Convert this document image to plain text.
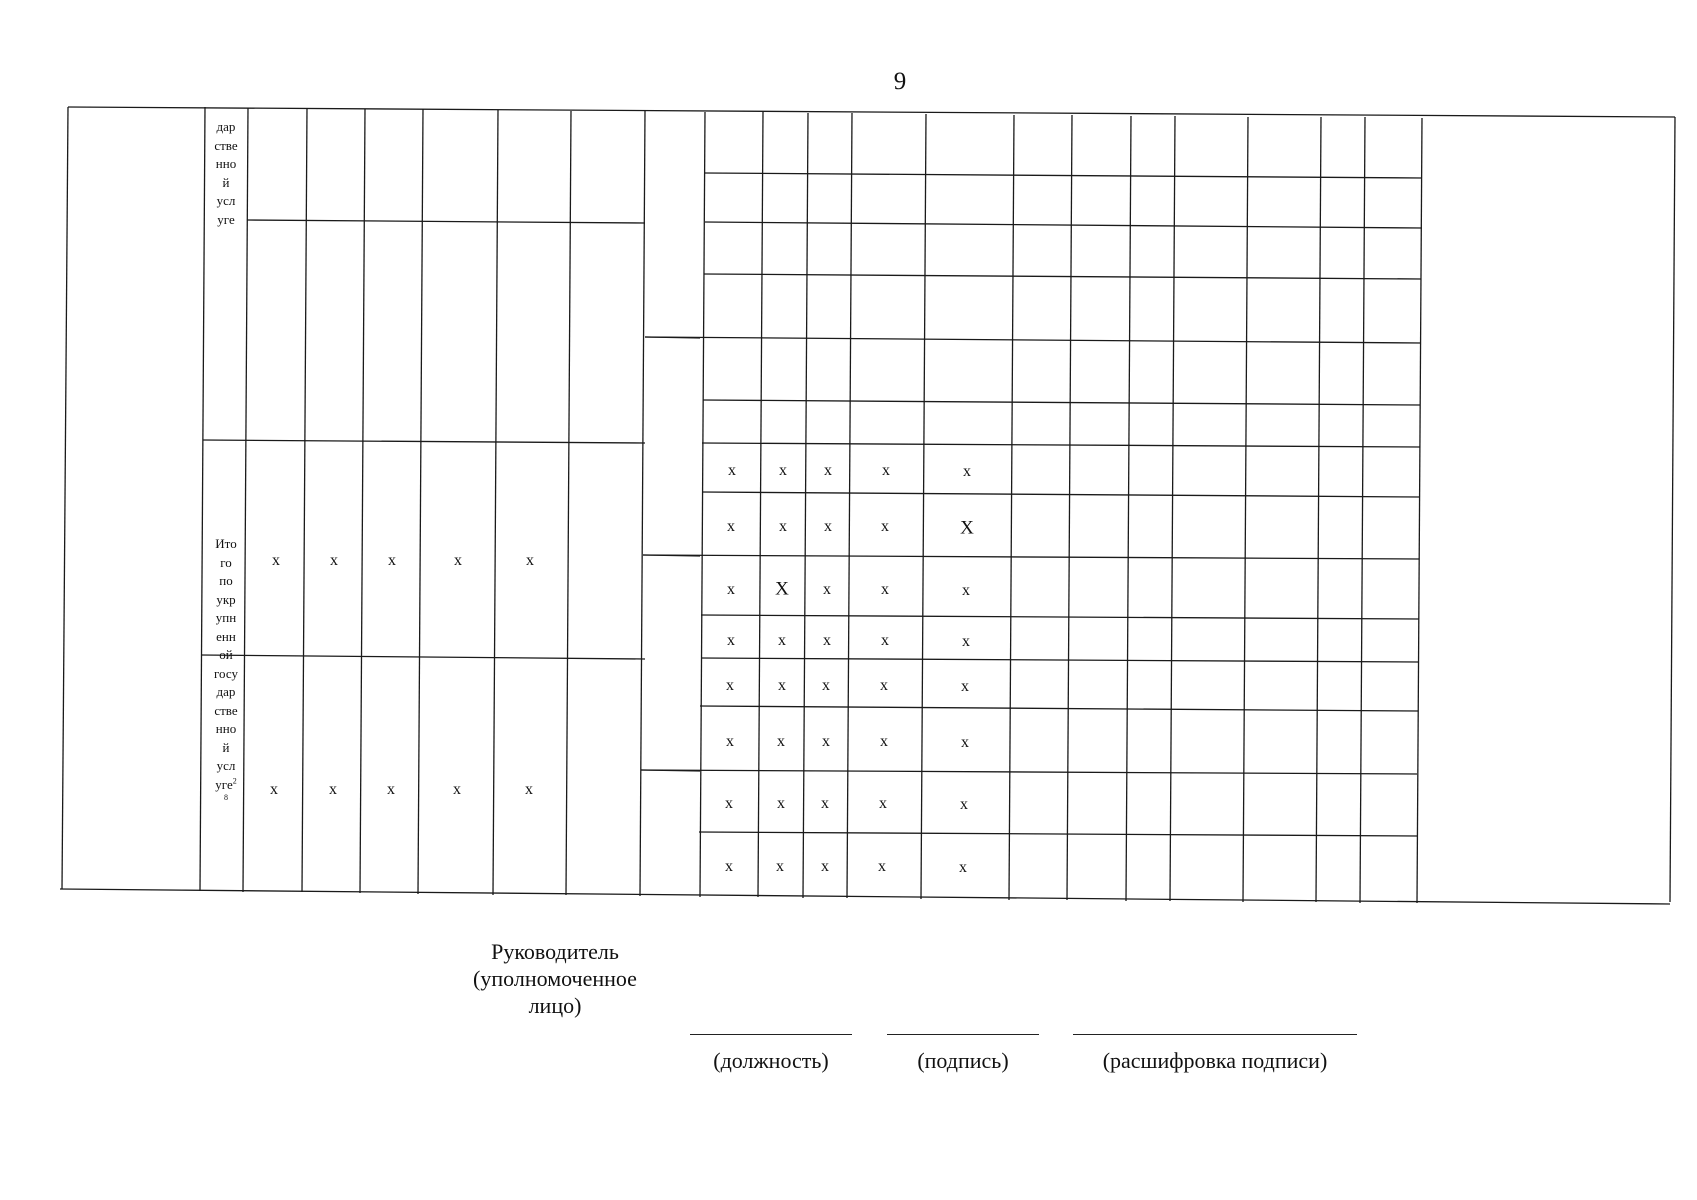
9
дар
стве
нно
й
усл
уге
Ито
го
по
укр
упн
енн
ой
госу
дар
стве
нно
й
усл
уге$^2$
8
х	х	х	х	х
х	х	х	х	х
х	х х	х	х
х	х х	х	Х
х Х х	х	х
х	х х	х	х
х	х х	х	х
х	х х	х	х
х	х х	х	х
х	х х	х	х
Руководитель
(уполномоченное
лицо)
(должность)	(подпись)	(расшифровка подписи)
